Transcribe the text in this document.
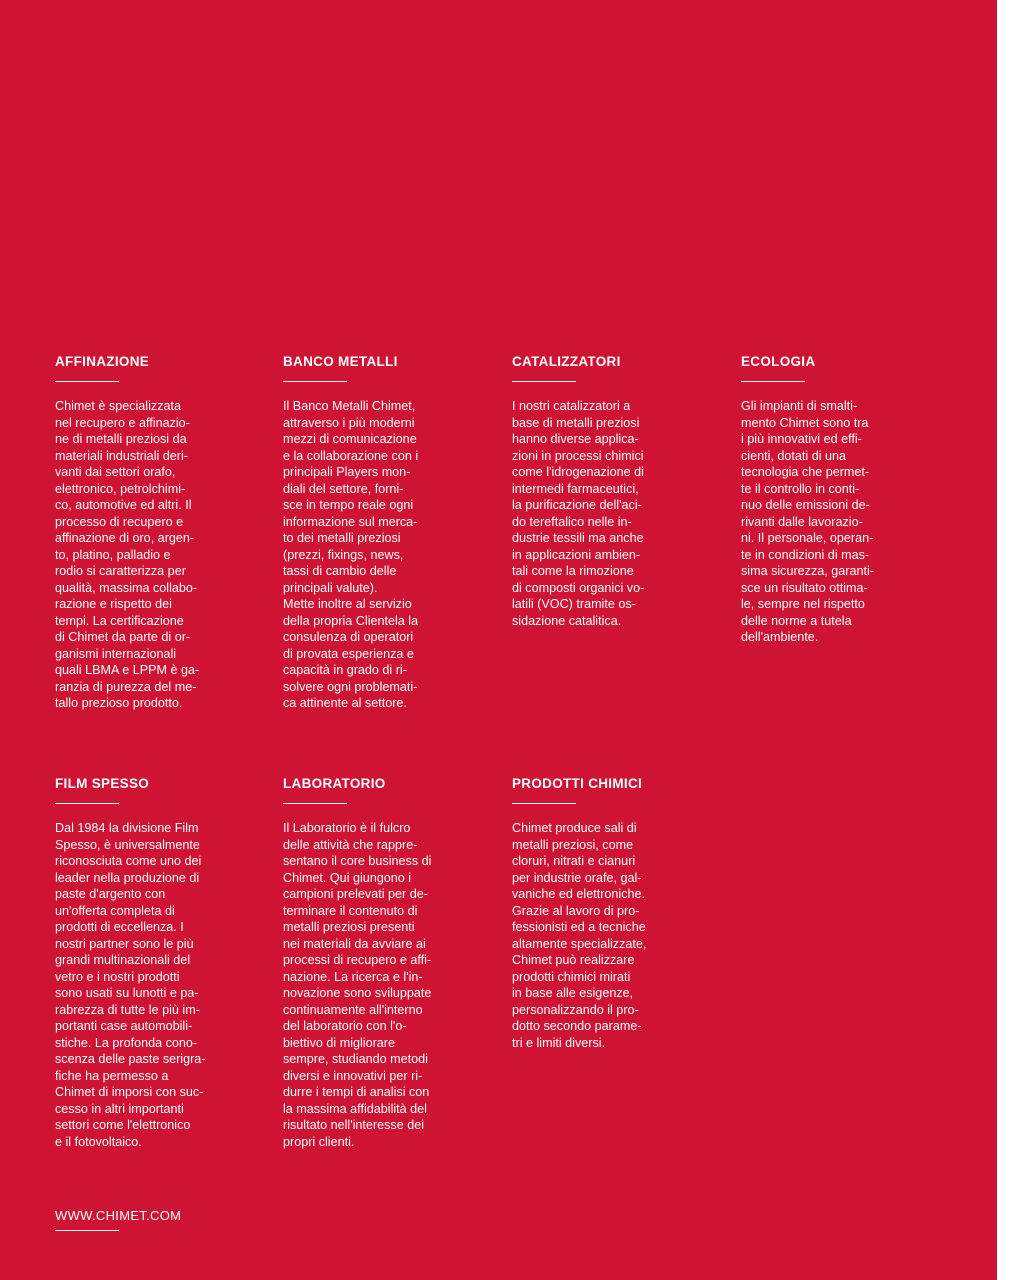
AFFINAZIONE

Chimet è specializzata
nel recupero e affinazio-
ne di metalli preziosi da
materiali industriali deri-
vanti dai settori orafo,
elettronico, petrolchimi-
co, automotive ed altri. Il
processo di recupero e
affinazione di oro, argen-
to, platino, palladio e
rodio si caratterizza per
qualità, massima collabo-
razione e rispetto dei
tempi. La certificazione
di Chimet da parte di or-
ganismi internazionali
quali LBMA e LPPM è ga-
ranzia di purezza del me-
tallo prezioso prodotto.

BANCO METALLI

Il Banco Metalli Chimet,
attraverso i più moderni
mezzi di comunicazione
e la collaborazione con i
principali Players mon-
diali del settore, forni-
sce in tempo reale ogni
informazione sul merca-
to dei metalli preziosi
(prezzi, fixings, news,
tassi di cambio delle
principali valute).
Mette inoltre al servizio
della propria Clientela la
consulenza di operatori
di provata esperienza e
capacità in grado di ri-
solvere ogni problemati-
ca attinente al settore.

CATALIZZATORI

I nostri catalizzatori a
base di metalli preziosi
hanno diverse applica-
zioni in processi chimici
come l'idrogenazione di
intermedi farmaceutici,
la purificazione dell'aci-
do tereftalico nelle in-
dustrie tessili ma anche
in applicazioni ambien-
tali come la rimozione
di composti organici vo-
latili (VOC) tramite os-
sidazione catalitica.

ECOLOGIA

Gli impianti di smalti-
mento Chimet sono tra
i più innovativi ed effi-
cienti, dotati di una
tecnologia che permet-
te il controllo in conti-
nuo delle emissioni de-
rivanti dalle lavorazio-
ni. Il personale, operan-
te in condizioni di mas-
sima sicurezza, garanti-
sce un risultato ottima-
le, sempre nel rispetto
delle norme a tutela
dell'ambiente.

FILM SPESSO

Dal 1984 la divisione Film
Spesso, è universalmente
riconosciuta come uno dei
leader nella produzione di
paste d'argento con
un'offerta completa di
prodotti di eccellenza. I
nostri partner sono le più
grandi multinazionali del
vetro e i nostri prodotti
sono usati su lunotti e pa-
rabrezza di tutte le più im-
portanti case automobili-
stiche. La profonda cono-
scenza delle paste serigra-
fiche ha permesso a
Chimet di imporsi con suc-
cesso in altri importanti
settori come l'elettronico
e il fotovoltaico.

LABORATORIO

Il Laboratorio è il fulcro
delle attività che rappre-
sentano il core business di
Chimet. Qui giungono i
campioni prelevati per de-
terminare il contenuto di
metalli preziosi presenti
nei materiali da avviare ai
processi di recupero e affi-
nazione. La ricerca e l'in-
novazione sono sviluppate
continuamente all'interno
del laboratorio con l'o-
biettivo di migliorare
sempre, studiando metodi
diversi e innovativi per ri-
durre i tempi di analisi con
la massima affidabilità del
risultato nell'interesse dei
propri clienti.

PRODOTTI CHIMICI

Chimet produce sali di
metalli preziosi, come
cloruri, nitrati e cianuri
per industrie orafe, gal-
vaniche ed elettroniche.
Grazie al lavoro di pro-
fessionisti ed a tecniche
altamente specializzate,
Chimet può realizzare
prodotti chimici mirati
in base alle esigenze,
personalizzando il pro-
dotto secondo parame-
tri e limiti diversi.

WWW.CHIMET.COM
